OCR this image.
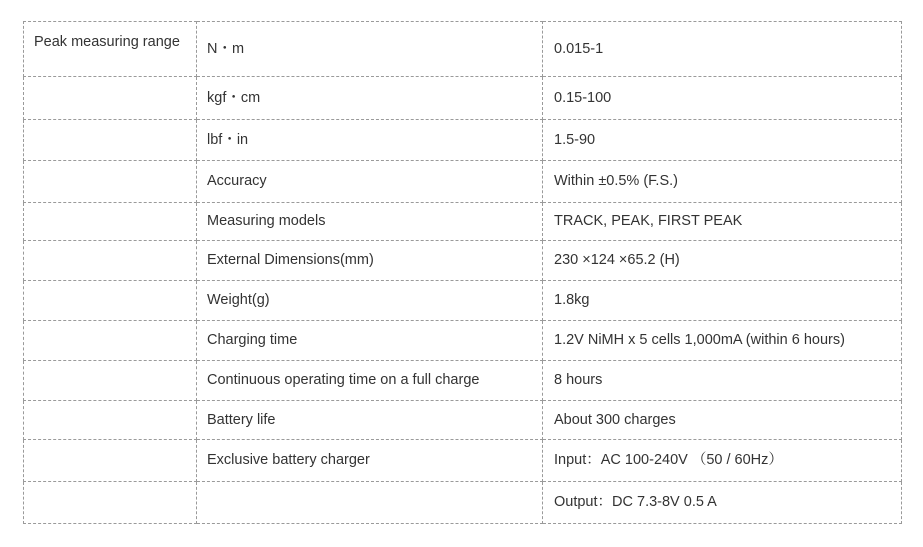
Peak measuring range	N・m	0.015-1
	kgf・cm	0.15-100
	lbf・in	1.5-90
	Accuracy	Within ±0.5% (F.S.)
	Measuring models	TRACK, PEAK, FIRST PEAK
	External Dimensions(mm)	230 ×124 ×65.2 (H)
	Weight(g)	1.8kg
	Charging time	1.2V NiMH x 5 cells 1,000mA (within 6 hours)
	Continuous operating time on a full charge	8 hours
	Battery life	About 300 charges
	Exclusive battery charger	Input：AC 100-240V （50 / 60Hz）
		Output：DC 7.3-8V 0.5 A
